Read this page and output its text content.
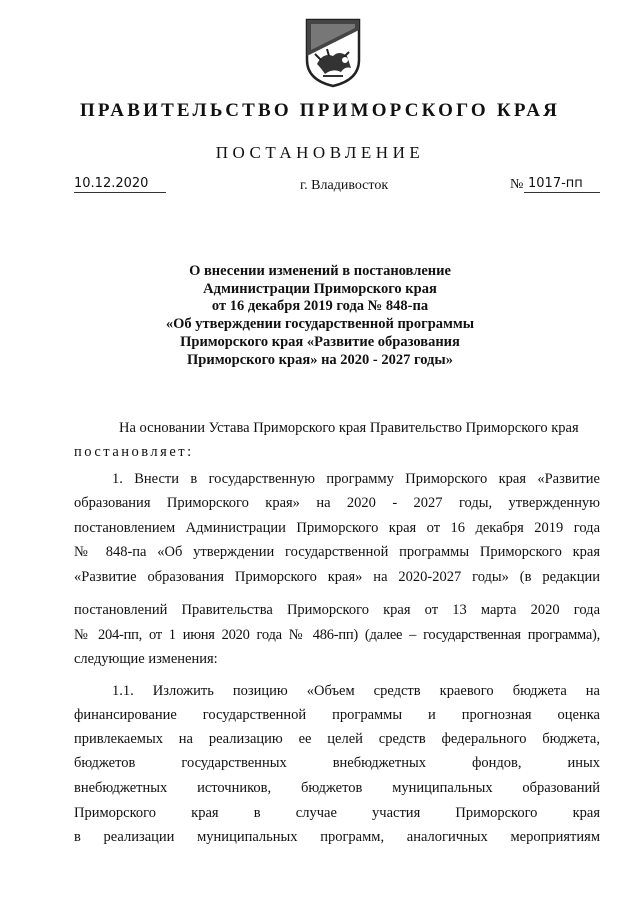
ПРАВИТЕЛЬСТВО ПРИМОРСКОГО КРАЯ
ПОСТАНОВЛЕНИЕ
10.12.2020	г. Владивосток	№ 1017-пп
О внесении изменений в постановление
Администрации Приморского края
от 16 декабря 2019 года № 848-па
«Об утверждении государственной программы
Приморского края «Развитие образования
Приморского края» на 2020 - 2027 годы»
На основании Устава Приморского края Правительство Приморского края
постановляет:
1. Внести в государственную программу Приморского края «Развитие
образования Приморского края» на 2020 - 2027 годы, утвержденную
постановлением Администрации Приморского края от 16 декабря 2019 года
№ 848-па «Об утверждении государственной программы Приморского края
«Развитие образования Приморского края» на 2020-2027 годы» (в редакции
постановлений Правительства Приморского края от 13 марта 2020 года
№ 204-пп, от 1 июня 2020 года № 486-пп) (далее – государственная программа),
следующие изменения:
1.1. Изложить позицию «Объем средств краевого бюджета на
финансирование государственной программы и прогнозная оценка
привлекаемых на реализацию ее целей средств федерального бюджета,
бюджетов государственных внебюджетных фондов, иных
внебюджетных источников, бюджетов муниципальных образований
Приморского края в случае участия Приморского края
в реализации муниципальных программ, аналогичных мероприятиям
